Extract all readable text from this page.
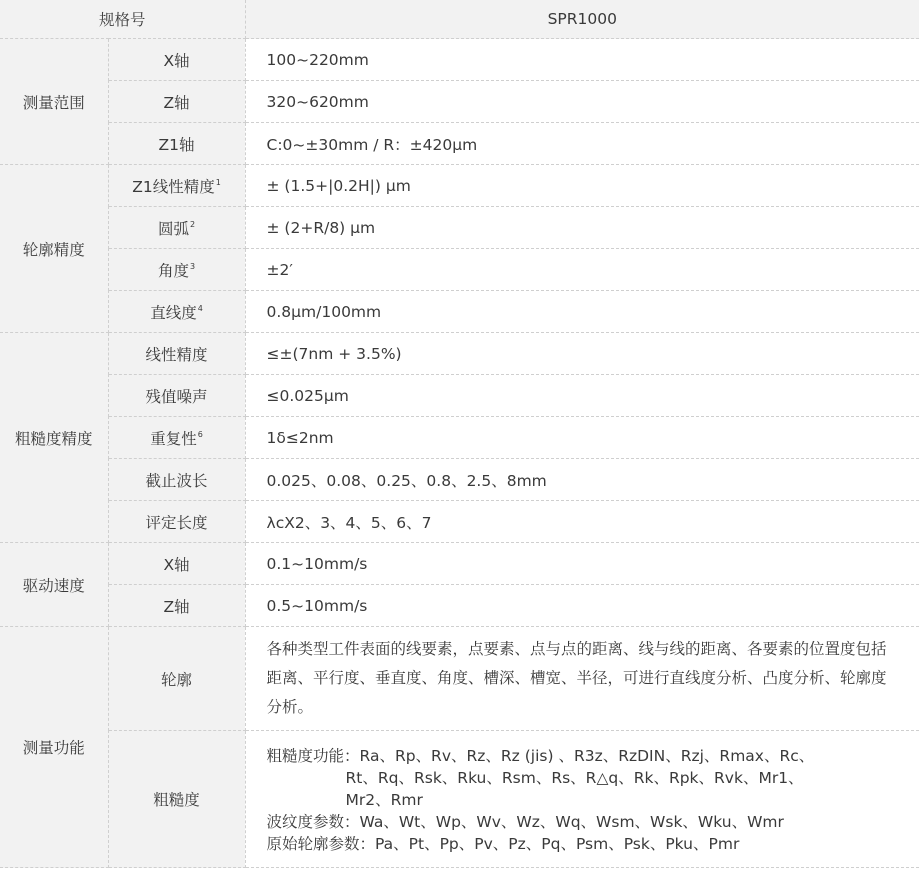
规格号		SPR1000
测量范围	X轴	100~220mm
	Z轴	320~620mm
	Z1轴	C:0~±30mm / R：±420μm
轮廓精度	Z1线性精度$^1$	± (1.5+|0.2H|) μm
	圆弧$^2$	± (2+R/8) μm
	角度$^3$	±2′
	直线度$^4$	0.8μm/100mm
粗糙度精度	线性精度	≤±(7nm + 3.5%)
	残值噪声	≤0.025μm
	重复性$^6$	1δ≤2nm
	截止波长	0.025、0.08、0.25、0.8、2.5、8mm
	评定长度	λcX2、3、4、5、6、7
驱动速度	X轴	0.1~10mm/s
	Z轴	0.5~10mm/s
测量功能	轮廓	各种类型工件表面的线要素，点要素、点与点的距离、线与线的距离、各要素的位置度包括距离、平行度、垂直度、角度、槽深、槽宽、半径，可进行直线度分析、凸度分析、轮廓度分析。
	粗糙度	粗糙度功能：Ra、Rp、Rv、Rz、Rz (jis) 、R3z、RzDIN、Rzj、Rmax、Rc、
Rt、Rq、Rsk、Rku、Rsm、Rs、R△q、Rk、Rpk、Rvk、Mr1、
Mr2、Rmr
波纹度参数：Wa、Wt、Wp、Wv、Wz、Wq、Wsm、Wsk、Wku、Wmr
原始轮廓参数：Pa、Pt、Pp、Pv、Pz、Pq、Psm、Psk、Pku、Pmr
